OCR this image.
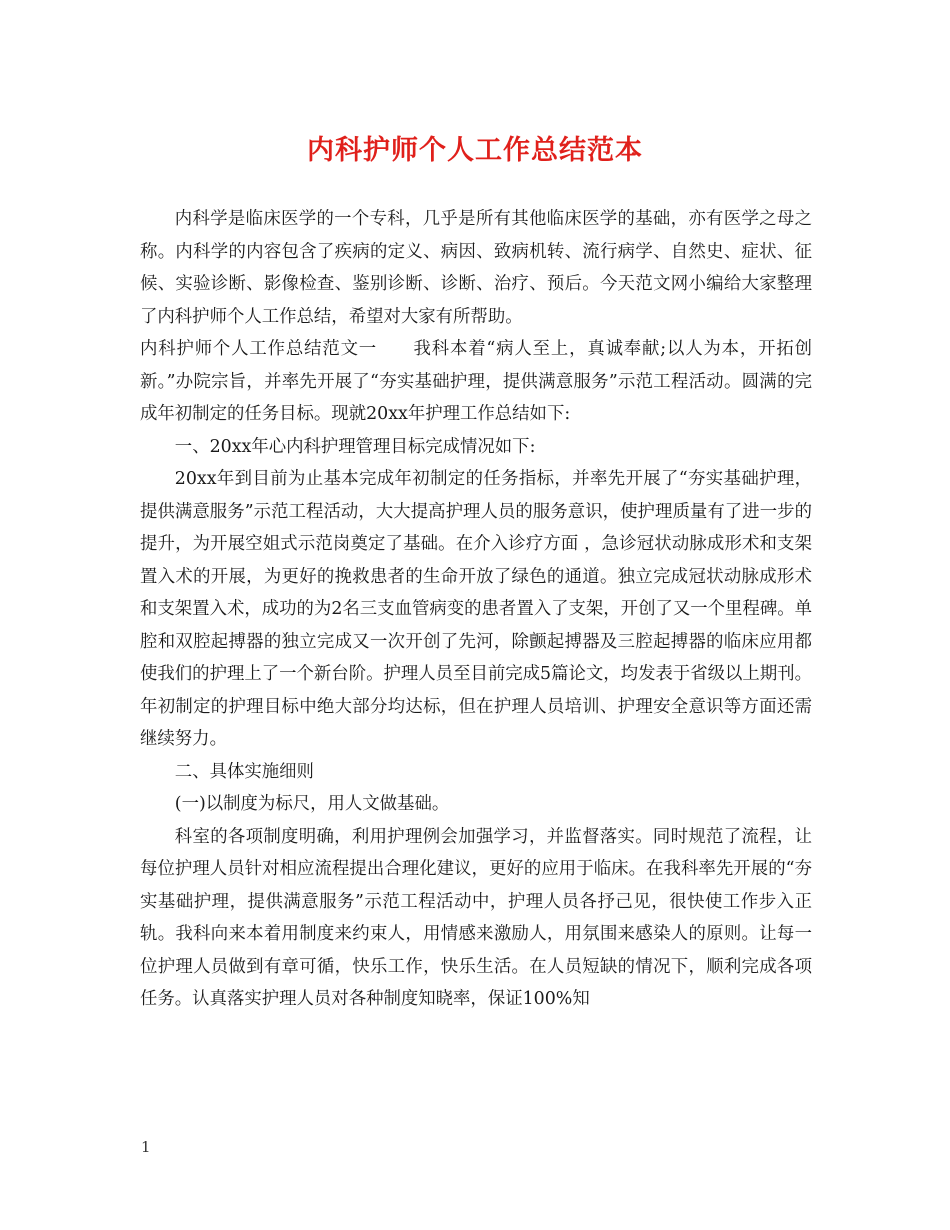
内科护师个人工作总结范本

内科学是临床医学的一个专科，几乎是所有其他临床医学的基础，亦有医学之母之称。内科学的内容包含了疾病的定义、病因、致病机转、流行病学、自然史、症状、征候、实验诊断、影像检查、鉴别诊断、诊断、治疗、预后。今天范文网小编给大家整理了内科护师个人工作总结，希望对大家有所帮助。

内科护师个人工作总结范文一　　我科本着“病人至上，真诚奉献;以人为本，开拓创新。”办院宗旨，并率先开展了“夯实基础护理，提供满意服务”示范工程活动。圆满的完成年初制定的任务目标。现就20xx年护理工作总结如下:

一、20xx年心内科护理管理目标完成情况如下:

20xx年到目前为止基本完成年初制定的任务指标，并率先开展了“夯实基础护理，提供满意服务”示范工程活动，大大提高护理人员的服务意识，使护理质量有了进一步的提升，为开展空姐式示范岗奠定了基础。在介入诊疗方面 ，急诊冠状动脉成形术和支架置入术的开展，为更好的挽救患者的生命开放了绿色的通道。独立完成冠状动脉成形术和支架置入术，成功的为2名三支血管病变的患者置入了支架，开创了又一个里程碑。单腔和双腔起搏器的独立完成又一次开创了先河，除颤起搏器及三腔起搏器的临床应用都使我们的护理上了一个新台阶。护理人员至目前完成5篇论文，均发表于省级以上期刊。年初制定的护理目标中绝大部分均达标，但在护理人员培训、护理安全意识等方面还需继续努力。

二、具体实施细则

(一)以制度为标尺，用人文做基础。

科室的各项制度明确，利用护理例会加强学习，并监督落实。同时规范了流程，让每位护理人员针对相应流程提出合理化建议，更好的应用于临床。在我科率先开展的“夯实基础护理，提供满意服务”示范工程活动中，护理人员各抒己见，很快使工作步入正轨。我科向来本着用制度来约束人，用情感来激励人，用氛围来感染人的原则。让每一位护理人员做到有章可循，快乐工作，快乐生活。在人员短缺的情况下，顺利完成各项任务。认真落实护理人员对各种制度知晓率，保证100%知

1
